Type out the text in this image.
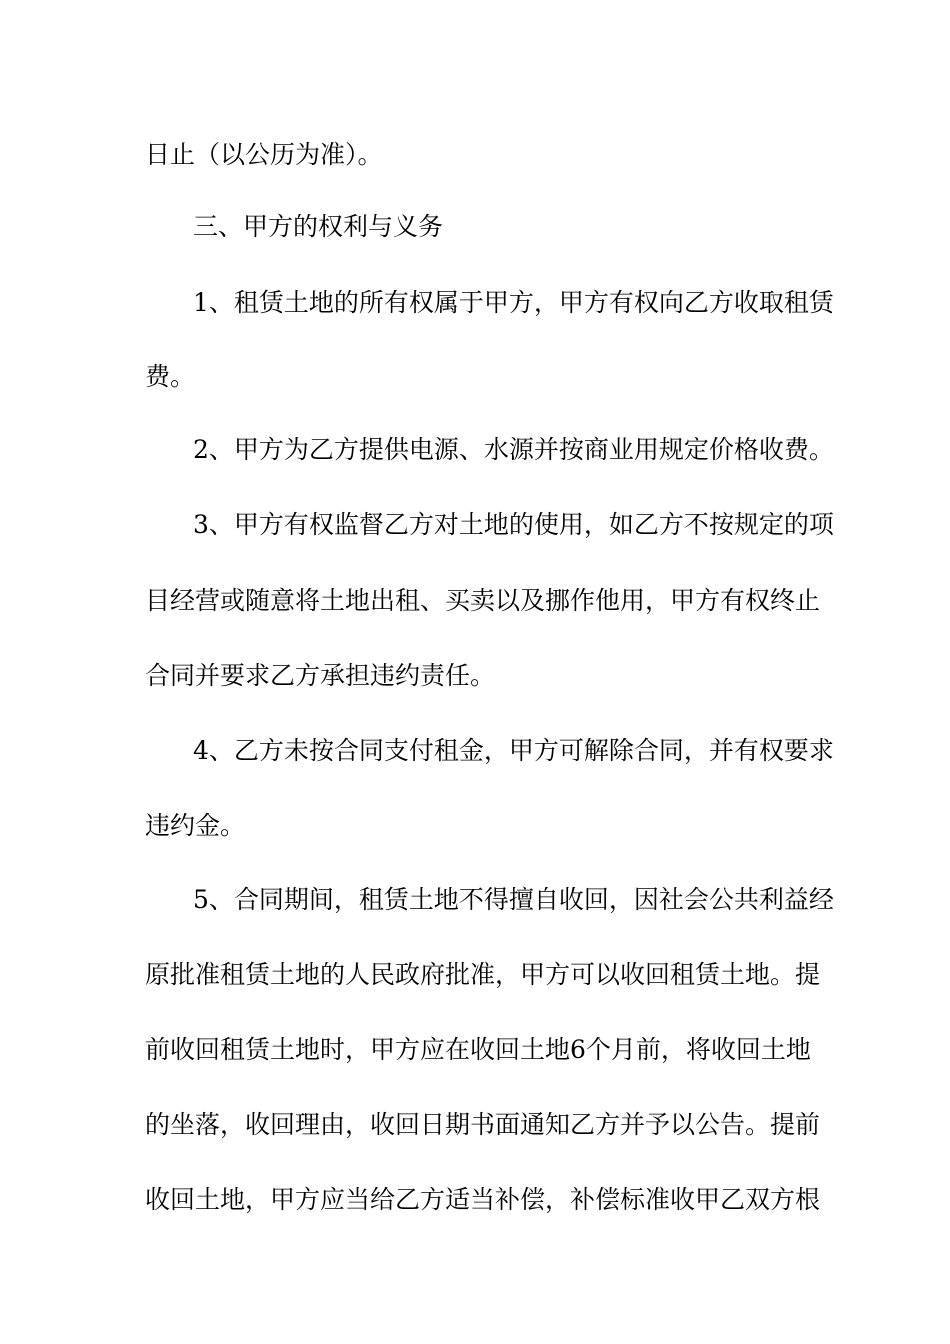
日止（以公历为准）。
三、甲方的权利与义务
1、租赁土地的所有权属于甲方，甲方有权向乙方收取租赁
费。
2、甲方为乙方提供电源、水源并按商业用规定价格收费。
3、甲方有权监督乙方对土地的使用，如乙方不按规定的项
目经营或随意将土地出租、买卖以及挪作他用，甲方有权终止
合同并要求乙方承担违约责任。
4、乙方未按合同支付租金，甲方可解除合同，并有权要求
违约金。
5、合同期间，租赁土地不得擅自收回，因社会公共利益经
原批准租赁土地的人民政府批准，甲方可以收回租赁土地。提
前收回租赁土地时，甲方应在收回土地6个月前，将收回土地
的坐落，收回理由，收回日期书面通知乙方并予以公告。提前
收回土地，甲方应当给乙方适当补偿，补偿标准收甲乙双方根
